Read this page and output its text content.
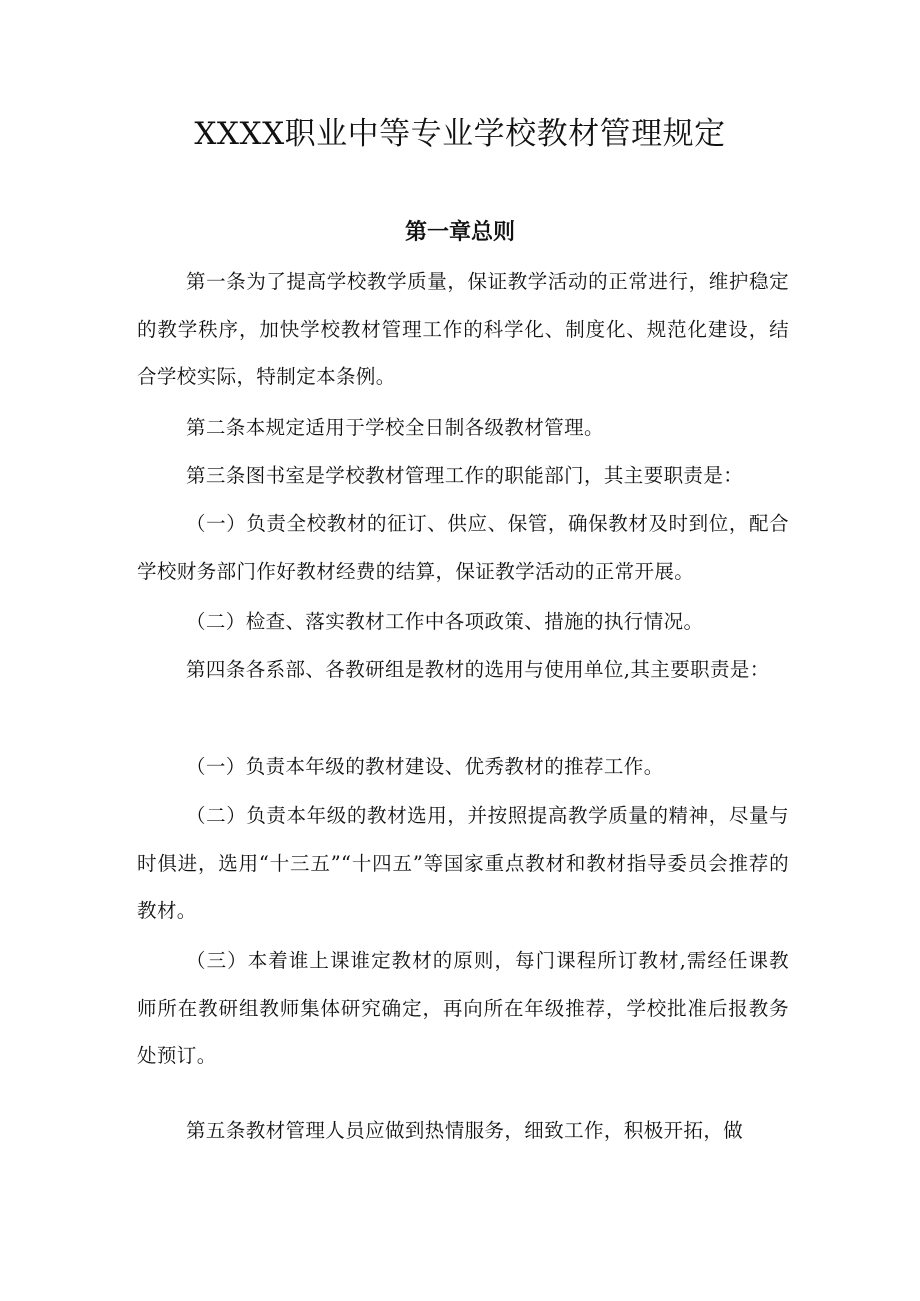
XXXX职业中等专业学校教材管理规定
第一章总则

第一条为了提高学校教学质量，保证教学活动的正常进行，维护稳定的教学秩序，加快学校教材管理工作的科学化、制度化、规范化建设，结合学校实际，特制定本条例。

第二条本规定适用于学校全日制各级教材管理。

第三条图书室是学校教材管理工作的职能部门，其主要职责是：

（一）负责全校教材的征订、供应、保管，确保教材及时到位，配合学校财务部门作好教材经费的结算，保证教学活动的正常开展。

（二）检查、落实教材工作中各项政策、措施的执行情况。

第四条各系部、各教研组是教材的选用与使用单位,其主要职责是：

（一）负责本年级的教材建设、优秀教材的推荐工作。

（二）负责本年级的教材选用，并按照提高教学质量的精神，尽量与时俱进，选用“十三五”“十四五”等国家重点教材和教材指导委员会推荐的教材。

（三）本着谁上课谁定教材的原则，每门课程所订教材,需经任课教师所在教研组教师集体研究确定，再向所在年级推荐，学校批准后报教务处预订。

第五条教材管理人员应做到热情服务，细致工作，积极开拓，做
